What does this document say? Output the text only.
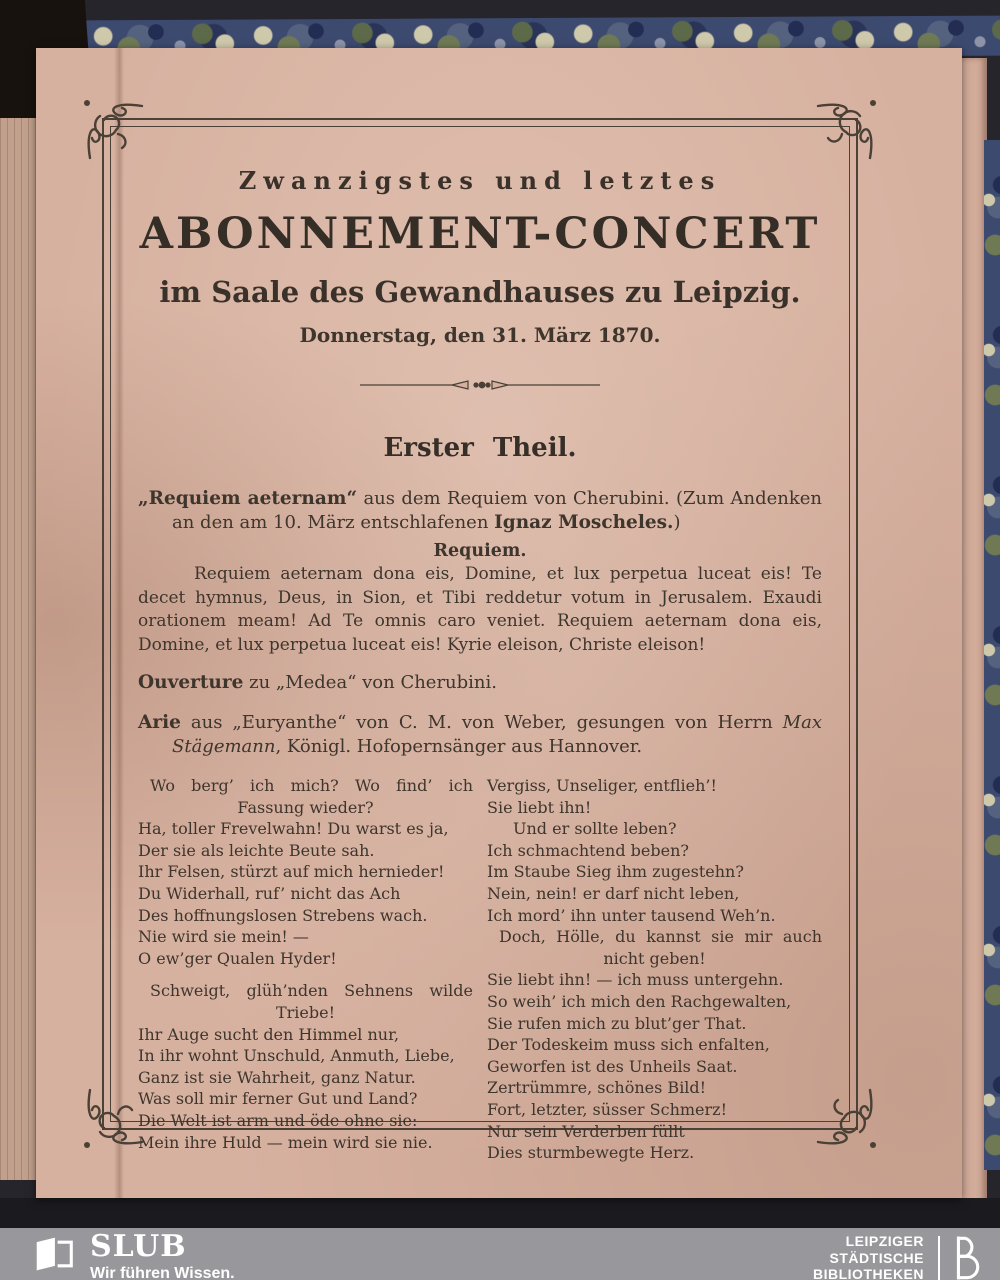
Zwanzigstes und letztes
ABONNEMENT-CONCERT
im Saale des Gewandhauses zu Leipzig.
Donnerstag, den 31. März 1870.
Erster Theil.
„Requiem aeternam“ aus dem Requiem von Cherubini. (Zum Andenken an den am 10. März entschlafenen Ignaz Moscheles.)
Requiem.
Requiem aeternam dona eis, Domine, et lux perpetua luceat eis! Te decet hymnus, Deus, in Sion, et Tibi reddetur votum in Jerusalem. Exaudi orationem meam! Ad Te omnis caro veniet. Requiem aeternam dona eis, Domine, et lux perpetua luceat eis! Kyrie eleison, Christe eleison!
Ouverture zu „Medea“ von Cherubini.
Arie aus „Euryanthe“ von C. M. von Weber, gesungen von Herrn Max Stägemann, Königl. Hofopernsänger aus Hannover.
Wo berg’ ich mich? Wo find’ ich
Fassung wieder?
Ha, toller Frevelwahn! Du warst es ja,
Der sie als leichte Beute sah.
Ihr Felsen, stürzt auf mich hernieder!
Du Widerhall, ruf’ nicht das Ach
Des hoffnungslosen Strebens wach.
Nie wird sie mein! —
O ew’ger Qualen Hyder!
Schweigt, glüh’nden Sehnens wilde
Triebe!
Ihr Auge sucht den Himmel nur,
In ihr wohnt Unschuld, Anmuth, Liebe,
Ganz ist sie Wahrheit, ganz Natur.
Was soll mir ferner Gut und Land?
Die Welt ist arm und öde ohne sie:
Mein ihre Huld — mein wird sie nie.
Vergiss, Unseliger, entflieh’!
Sie liebt ihn!
Und er sollte leben?
Ich schmachtend beben?
Im Staube Sieg ihm zugestehn?
Nein, nein! er darf nicht leben,
Ich mord’ ihn unter tausend Weh’n.
Doch, Hölle, du kannst sie mir auch
nicht geben!
Sie liebt ihn! — ich muss untergehn.
So weih’ ich mich den Rachgewalten,
Sie rufen mich zu blut’ger That.
Der Todeskeim muss sich enfalten,
Geworfen ist des Unheils Saat.
Zertrümmre, schönes Bild!
Fort, letzter, süsser Schmerz!
Nur sein Verderben füllt
Dies sturmbewegte Herz.
SLUB
Wir führen Wissen.
LEIPZIGER
STÄDTISCHE
BIBLIOTHEKEN
